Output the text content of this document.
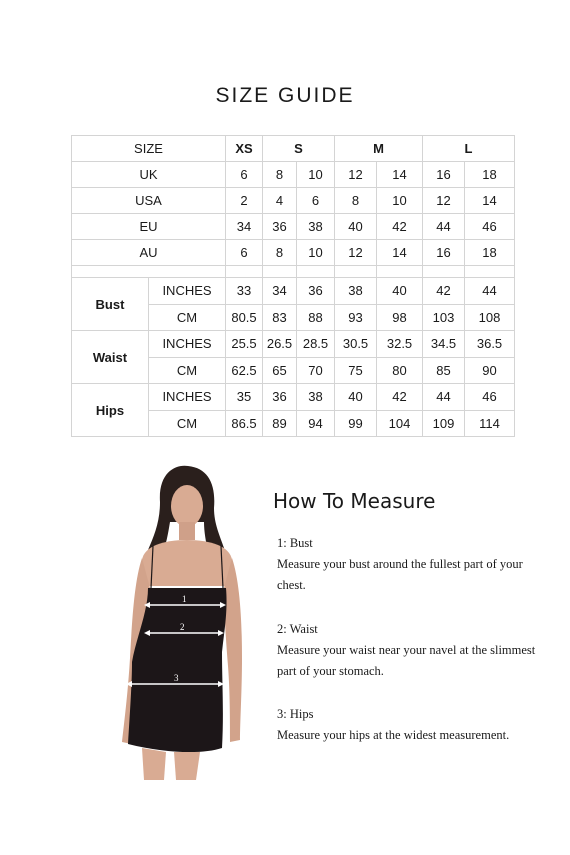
SIZE GUIDE
SIZE		XS	S		M		L	
UK		6	8	10	12	14	16	18
USA		2	4	6	8	10	12	14
EU		34	36	38	40	42	44	46
AU		6	8	10	12	14	16	18

Bust	INCHES	33	34	36	38	40	42	44
	CM	80.5	83	88	93	98	103	108
Waist	INCHES	25.5	26.5	28.5	30.5	32.5	34.5	36.5
	CM	62.5	65	70	75	80	85	90
Hips	INCHES	35	36	38	40	42	44	46
	CM	86.5	89	94	99	104	109	114
1
2
3
How To Measure
1: Bust
Measure your bust around the fullest part of your chest.
2: Waist
Measure your waist near your navel at the slimmest part of your stomach.
3: Hips
Measure your hips at the widest measurement.
